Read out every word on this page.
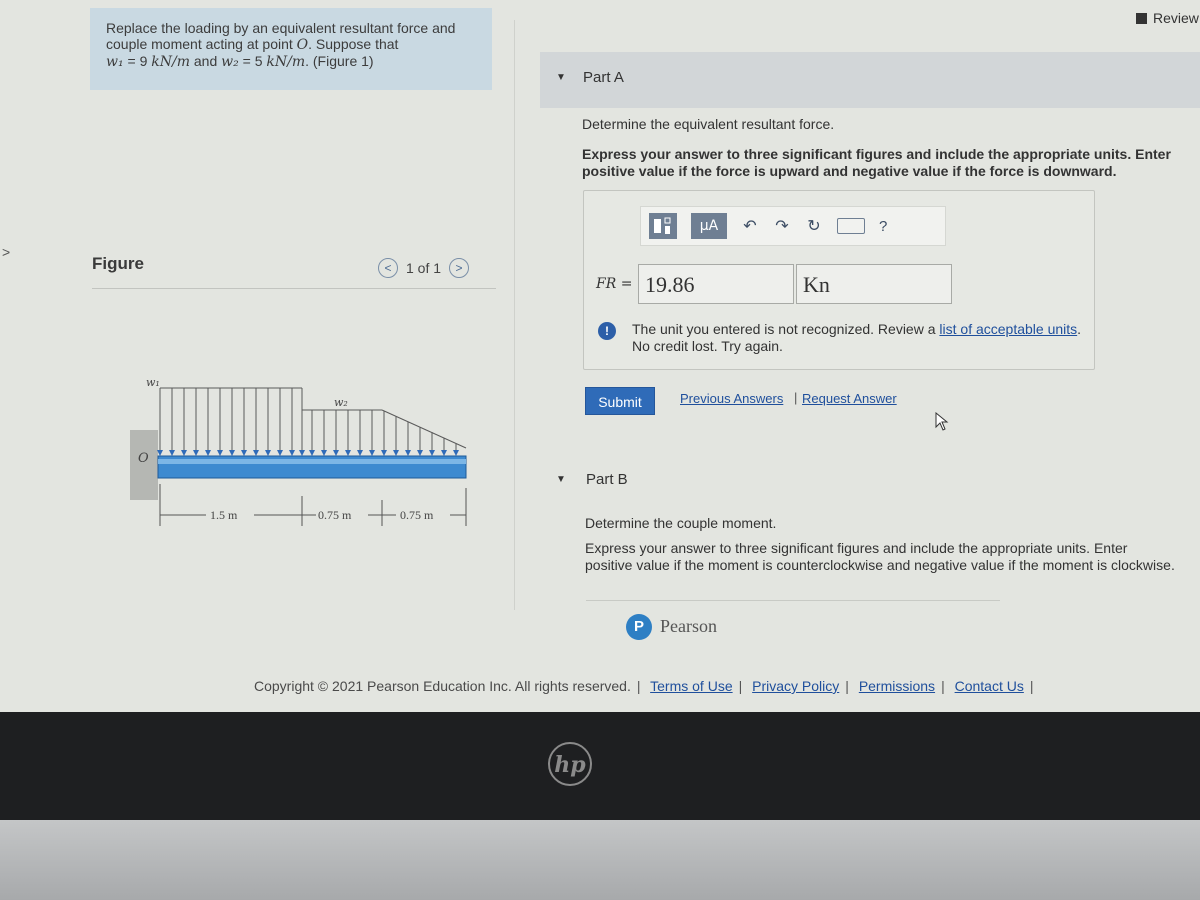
>
Replace the loading by an equivalent resultant force and
couple moment acting at point O. Suppose that
w₁ = 9 kN/m and w₂ = 5 kN/m. (Figure 1)
Figure	<	1 of 1	>
w₁
w₂
O
1.5 m	0.75 m	0.75 m
Review
▼ Part A
Determine the equivalent resultant force.
Express your answer to three significant figures and include the appropriate units. Enter positive value if the force is upward and negative value if the force is downward.
μA	↶ ↷ ↻	?
FR = 19.86	Kn
!	The unit you entered is not recognized. Review a list of acceptable units.
No credit lost. Try again.
Submit	Previous Answers | Request Answer
▼ Part B
Determine the couple moment.
Express your answer to three significant figures and include the appropriate units. Enter positive value if the moment is counterclockwise and negative value if the moment is clockwise.
P Pearson
Copyright © 2021 Pearson Education Inc. All rights reserved. | Terms of Use | Privacy Policy | Permissions | Contact Us |
hp
